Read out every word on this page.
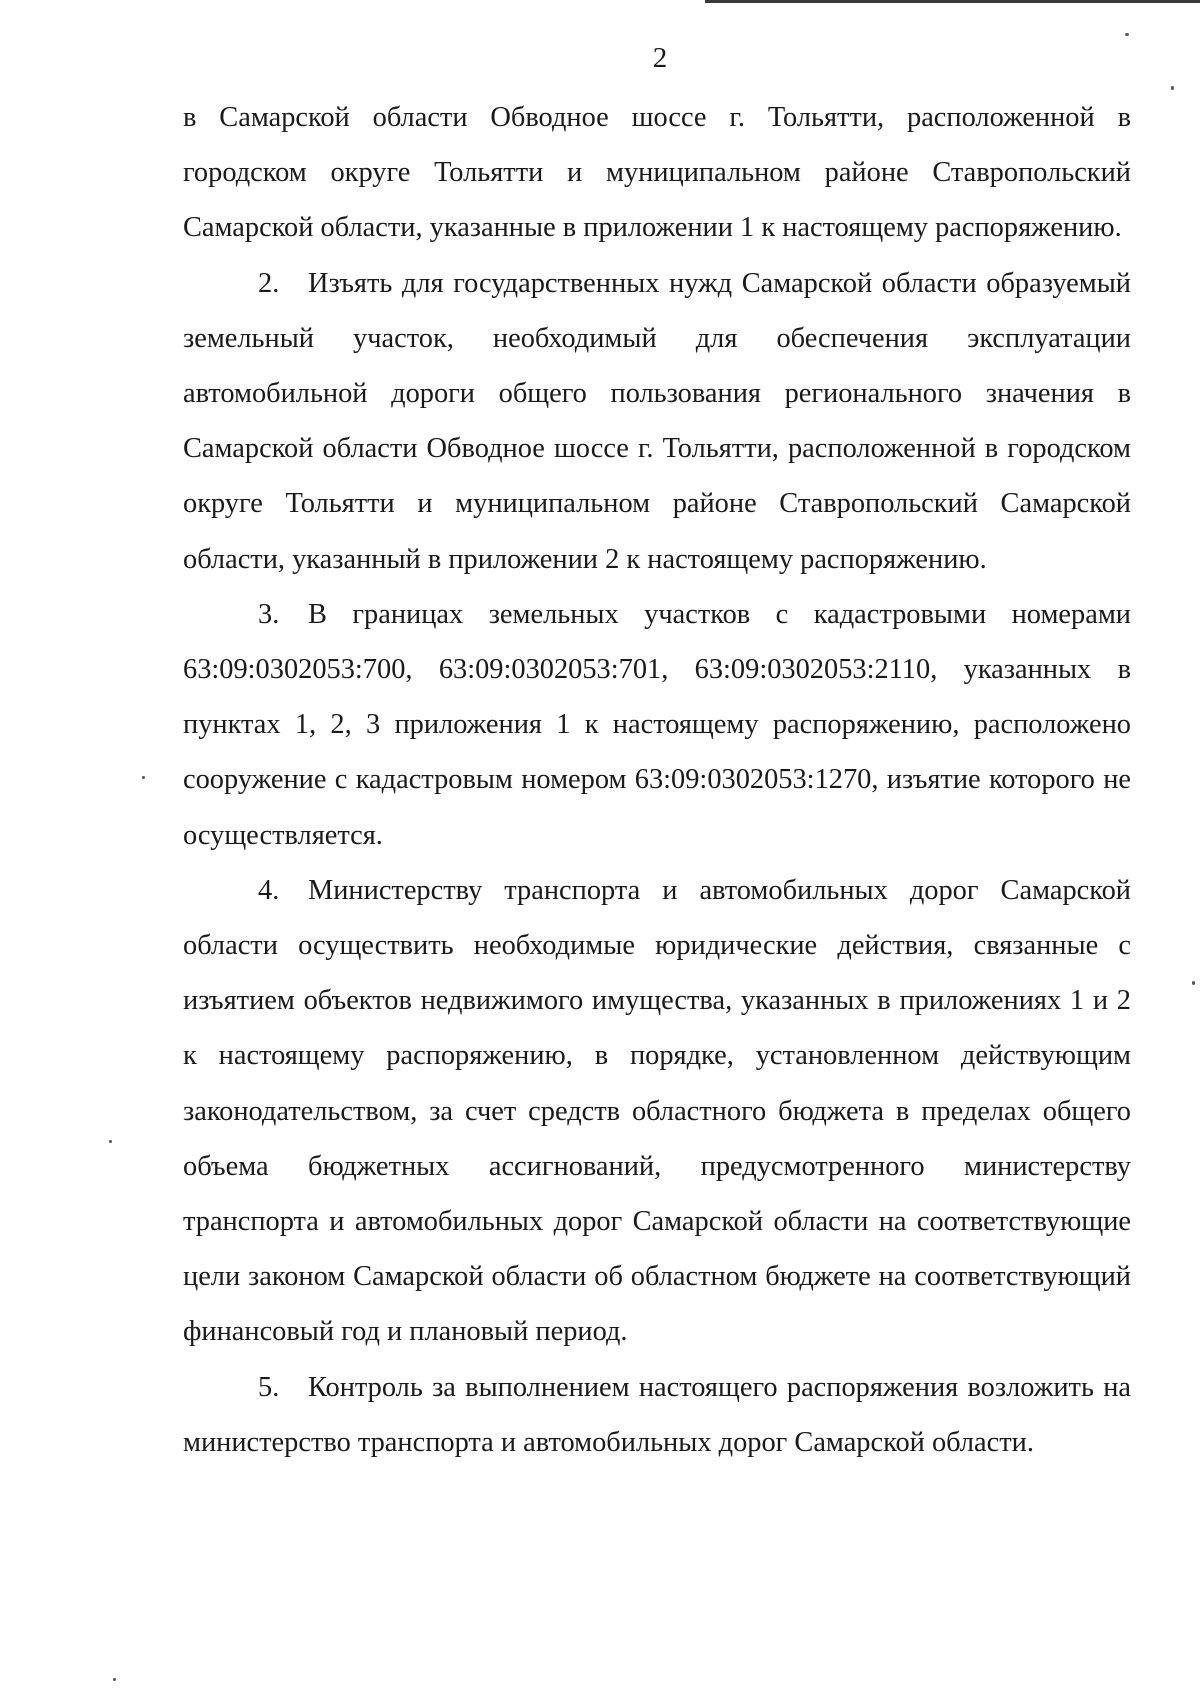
2

в Самарской области Обводное шоссе г. Тольятти, расположенной в городском округе Тольятти и муниципальном районе Ставропольский Самарской области, указанные в приложении 1 к настоящему распоряжению.

2. Изъять для государственных нужд Самарской области образуемый земельный участок, необходимый для обеспечения эксплуатации автомобильной дороги общего пользования регионального значения в Самарской области Обводное шоссе г. Тольятти, расположенной в городском округе Тольятти и муниципальном районе Ставропольский Самарской области, указанный в приложении 2 к настоящему распоряжению.

3. В границах земельных участков с кадастровыми номерами 63:09:0302053:700, 63:09:0302053:701, 63:09:0302053:2110, указанных в пунктах 1, 2, 3 приложения 1 к настоящему распоряжению, расположено сооружение с кадастровым номером 63:09:0302053:1270, изъятие которого не осуществляется.

4. Министерству транспорта и автомобильных дорог Самарской области осуществить необходимые юридические действия, связанные с изъятием объектов недвижимого имущества, указанных в приложениях 1 и 2 к настоящему распоряжению, в порядке, установленном действующим законодательством, за счет средств областного бюджета в пределах общего объема бюджетных ассигнований, предусмотренного министерству транспорта и автомобильных дорог Самарской области на соответствующие цели законом Самарской области об областном бюджете на соответствующий финансовый год и плановый период.

5. Контроль за выполнением настоящего распоряжения возложить на министерство транспорта и автомобильных дорог Самарской области.
